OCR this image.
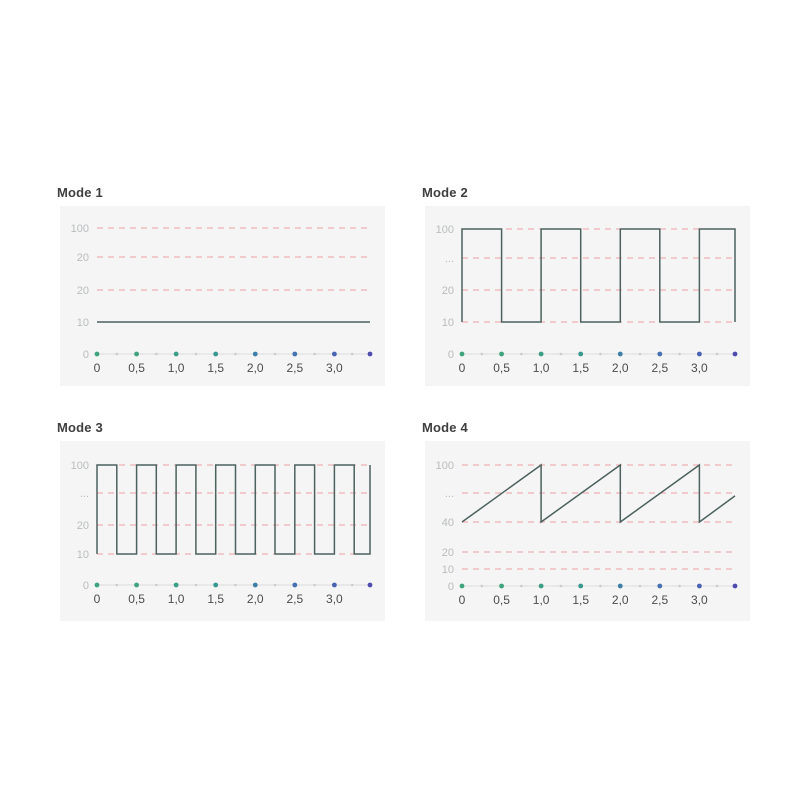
Mode 1
100
20
20
10
0
0 0,5 1,0 1,5 2,0 2,5 3,0
Mode 2
100
...
20
10
0
0 0,5 1,0 1,5 2,0 2,5 3,0
Mode 3
100
...
20
10
0
0 0,5 1,0 1,5 2,0 2,5 3,0
Mode 4
100
...
40
20
10
0
0 0,5 1,0 1,5 2,0 2,5 3,0
